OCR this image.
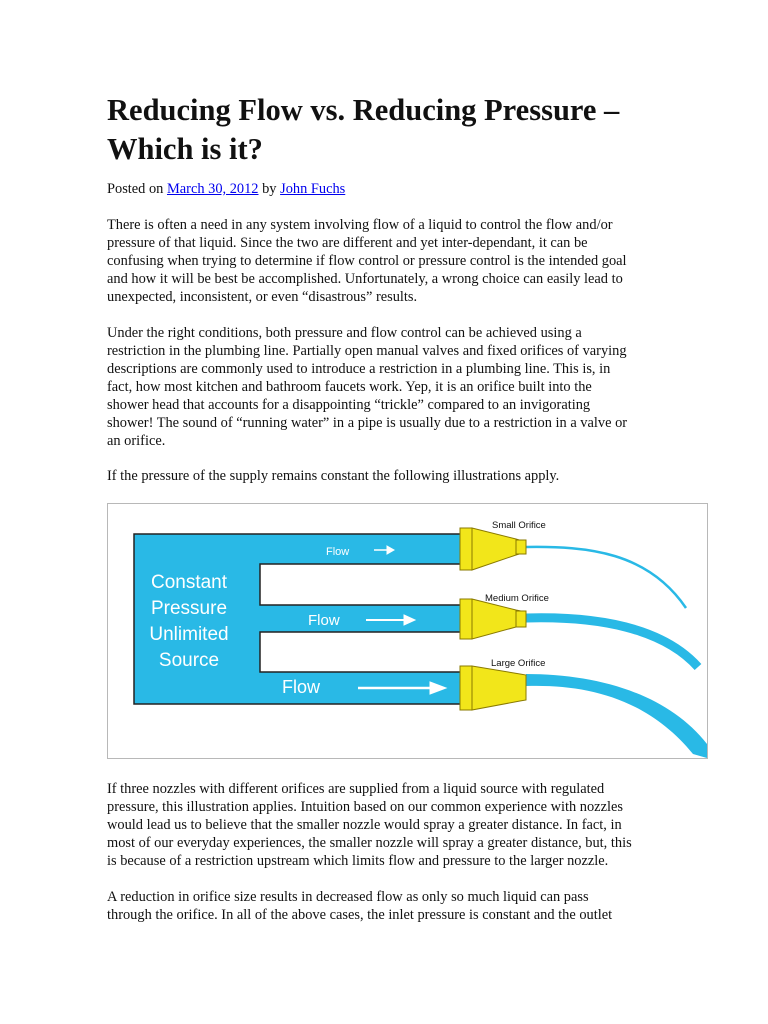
Reducing Flow vs. Reducing Pressure –
Which is it?

Posted on March 30, 2012 by John Fuchs

There is often a need in any system involving flow of a liquid to control the flow and/or
pressure of that liquid. Since the two are different and yet inter-dependant, it can be
confusing when trying to determine if flow control or pressure control is the intended goal
and how it will be best be accomplished. Unfortunately, a wrong choice can easily lead to
unexpected, inconsistent, or even “disastrous” results.

Under the right conditions, both pressure and flow control can be achieved using a
restriction in the plumbing line. Partially open manual valves and fixed orifices of varying
descriptions are commonly used to introduce a restriction in a plumbing line. This is, in
fact, how most kitchen and bathroom faucets work. Yep, it is an orifice built into the
shower head that accounts for a disappointing “trickle” compared to an invigorating
shower! The sound of “running water” in a pipe is usually due to a restriction in a valve or
an orifice.

If the pressure of the supply remains constant the following illustrations apply.

Constant
Pressure
Unlimited
Source
Flow
Flow
Flow
Small Orifice
Medium Orifice
Large Orifice

If three nozzles with different orifices are supplied from a liquid source with regulated
pressure, this illustration applies. Intuition based on our common experience with nozzles
would lead us to believe that the smaller nozzle would spray a greater distance. In fact, in
most of our everyday experiences, the smaller nozzle will spray a greater distance, but, this
is because of a restriction upstream which limits flow and pressure to the larger nozzle.

A reduction in orifice size results in decreased flow as only so much liquid can pass
through the orifice. In all of the above cases, the inlet pressure is constant and the outlet
